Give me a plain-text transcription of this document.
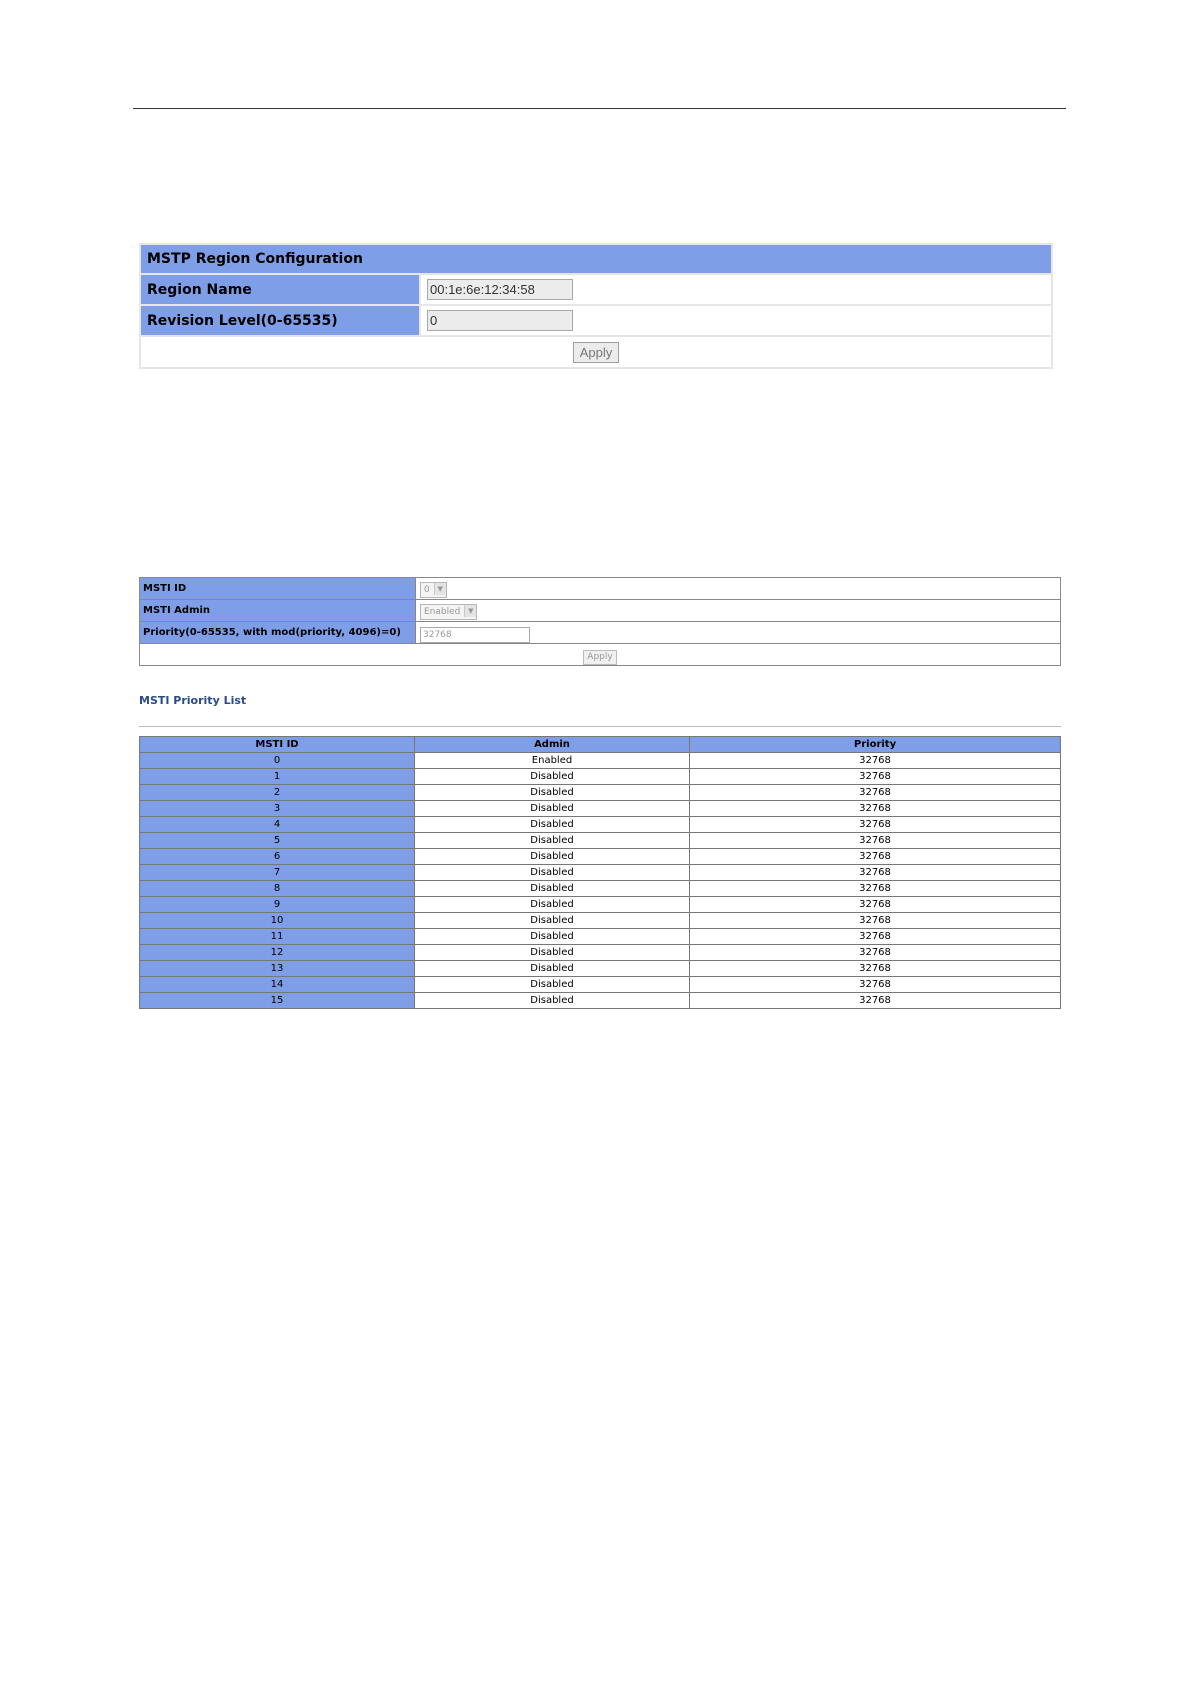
MSTP Region Configuration	
Region Name	00:1e:6e:12:34:58
Revision Level(0-65535)	0
Apply	
MSTI ID	0 ▼
MSTI Admin	Enabled ▼
Priority(0-65535, with mod(priority, 4096)=0)	32768
Apply	
MSTI Priority List
MSTI ID	Admin	Priority
0	Enabled	32768
1	Disabled	32768
2	Disabled	32768
3	Disabled	32768
4	Disabled	32768
5	Disabled	32768
6	Disabled	32768
7	Disabled	32768
8	Disabled	32768
9	Disabled	32768
10	Disabled	32768
11	Disabled	32768
12	Disabled	32768
13	Disabled	32768
14	Disabled	32768
15	Disabled	32768
